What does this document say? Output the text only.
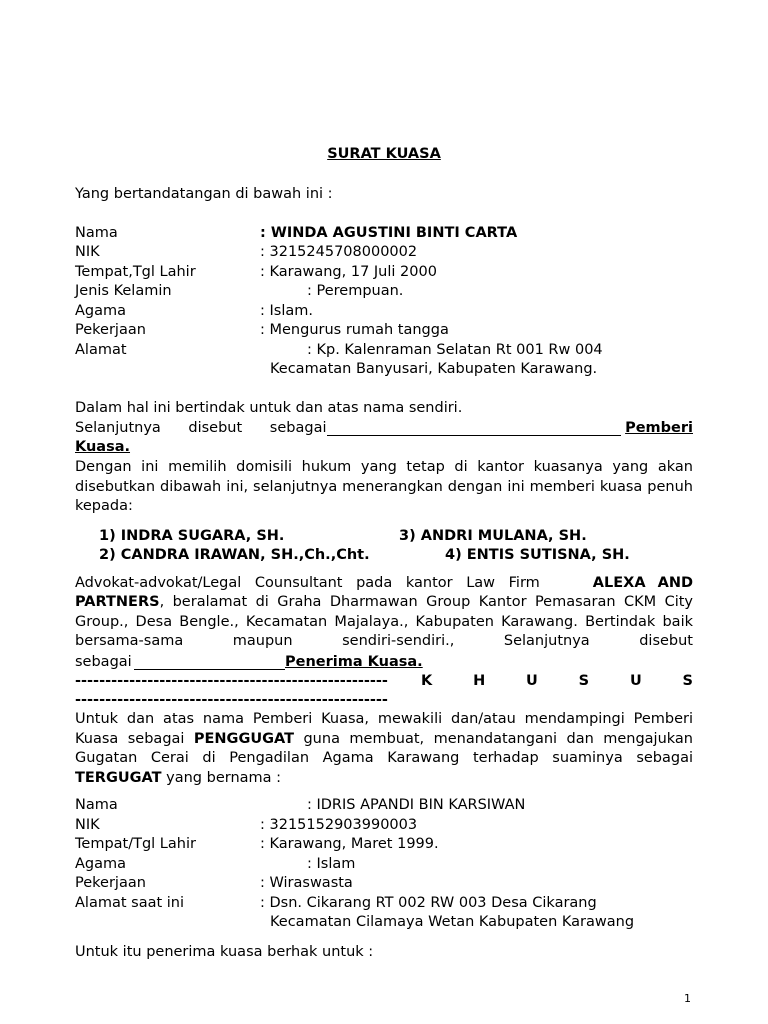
SURAT KUASA
Yang bertandatangan di bawah ini :
Nama	: WINDA AGUSTINI BINTI CARTA
NIK	: 3215245708000002
Tempat,Tgl Lahir	: Karawang, 17 Juli 2000
Jenis Kelamin	: Perempuan.
Agama	: Islam.
Pekerjaan	: Mengurus rumah tangga
Alamat	: Kp. Kalenraman Selatan Rt 001 Rw 004
Kecamatan Banyusari, Kabupaten Karawang.
Dalam hal ini bertindak untuk dan atas nama sendiri.
Selanjutnya disebut sebagai	Pemberi
Kuasa.
Dengan ini memilih domisili hukum yang tetap di kantor kuasanya yang akan disebutkan dibawah ini, selanjutnya menerangkan dengan ini memberi kuasa penuh kepada:
1) INDRA SUGARA, SH.	3) ANDRI MULANA, SH.
2) CANDRA IRAWAN, SH.,Ch.,Cht.	4) ENTIS SUTISNA, SH.
Advokat-advokat/Legal Counsultant pada kantor Law Firm	ALEXA AND
PARTNERS, beralamat di Graha Dharmawan Group Kantor Pemasaran CKM City Group., Desa Bengle., Kecamatan Majalaya., Kabupaten Karawang. Bertindak baik bersama-sama maupun sendiri-sendiri., Selanjutnya disebut
sebagai	Penerima Kuasa.
---------------------------------------------------- K	H	U	S	U	S
----------------------------------------------------
Untuk dan atas nama Pemberi Kuasa, mewakili dan/atau mendampingi Pemberi Kuasa sebagai PENGGUGAT guna membuat, menandatangani dan mengajukan Gugatan Cerai di Pengadilan Agama Karawang terhadap suaminya sebagai TERGUGAT yang bernama :
Nama	: IDRIS APANDI BIN KARSIWAN
NIK	: 3215152903990003
Tempat/Tgl Lahir	: Karawang, Maret 1999.
Agama	: Islam
Pekerjaan	: Wiraswasta
Alamat saat ini	: Dsn. Cikarang RT 002 RW 003 Desa Cikarang
Kecamatan Cilamaya Wetan Kabupaten Karawang
Untuk itu penerima kuasa berhak untuk :
1
